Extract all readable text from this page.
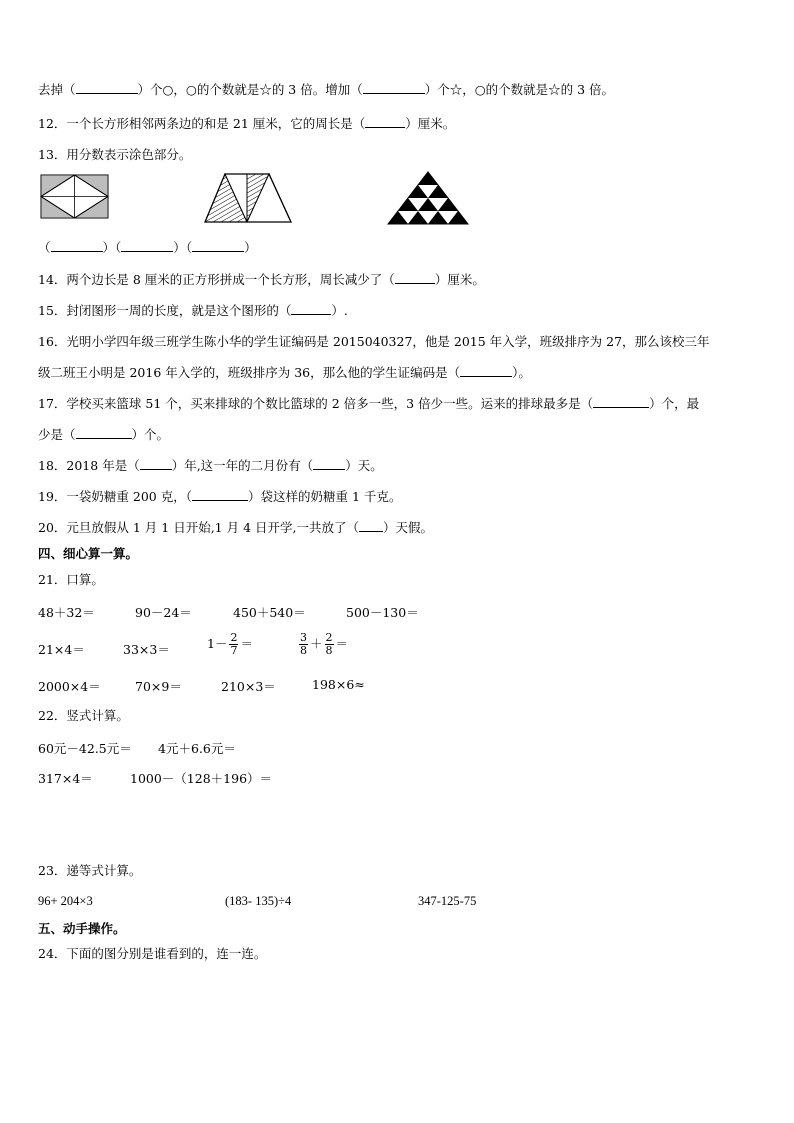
去掉（	）个○，○的个数就是☆的 3 倍。增加（	）个☆，○的个数就是☆的 3 倍。
12．一个长方形相邻两条边的和是 21 厘米，它的周长是（	）厘米。
13．用分数表示涂色部分。
（	）（	）（	）
14．两个边长是 8 厘米的正方形拼成一个长方形，周长减少了（	）厘米。
15．封闭图形一周的长度，就是这个图形的（	）.
16．光明小学四年级三班学生陈小华的学生证编码是 2015040327，他是 2015 年入学，班级排序为 27，那么该校三年
级二班王小明是 2016 年入学的，班级排序为 36，那么他的学生证编码是（	）。
17．学校买来篮球 51 个，买来排球的个数比篮球的 2 倍多一些，3 倍少一些。运来的排球最多是（	）个，最
少是（	）个。
18．2018 年是（	）年,这一年的二月份有（	）天。
19．一袋奶糖重 200 克，（	）袋这样的奶糖重 1 千克。
20．元旦放假从 1 月 1 日开始,1 月 4 日开学,一共放了（ ）天假。
四、细心算一算。
21．口算。
48＋32＝	90－24＝	450＋540＝	500－130＝
21×4＝	33×3＝	$1- \frac{2}{7}$ ＝	$\frac{3}{8} + \frac{2}{8}$ ＝
2000×4＝	70×9＝	210×3＝	198×6≈
22．竖式计算。
60元－42.5元＝ 4元＋6.6元＝
317×4＝	1000－（128＋196）＝
23．递等式计算。
96+ 204×3	(183- 135)÷4	347-125-75
五、动手操作。
24．下面的图分别是谁看到的，连一连。
